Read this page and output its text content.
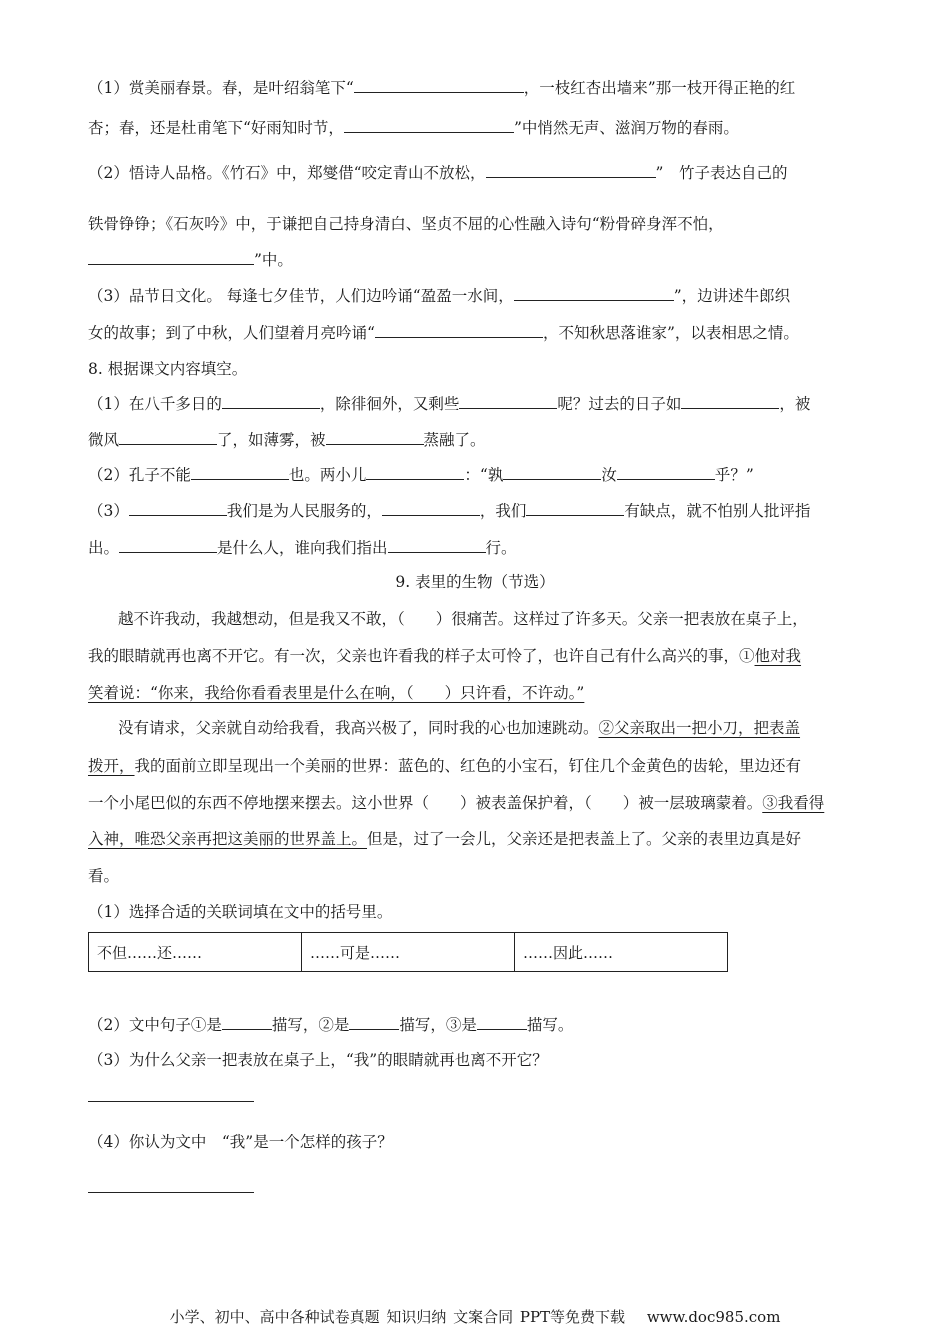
（1）赏美丽春景。春，是叶绍翁笔下“	，一枝红杏出墙来”那一枝开得正艳的红
杏；春，还是杜甫笔下“好雨知时节，	”中悄然无声、滋润万物的春雨。
（2）悟诗人品格。《竹石》中，郑燮借“咬定青山不放松，	”　竹子表达自己的
铁骨铮铮；《石灰吟》中，于谦把自己持身清白、坚贞不屈的心性融入诗句“粉骨碎身浑不怕，
”中。
（3）品节日文化。 每逢七夕佳节，人们边吟诵“盈盈一水间，	”，边讲述牛郎织
女的故事；到了中秋，人们望着月亮吟诵“	，不知秋思落谁家”，以表相思之情。
8. 根据课文内容填空。
（1）在八千多日的	，除徘徊外，又剩些	呢？过去的日子如	，被
微风	了，如薄雾，被	蒸融了。
（2）孔子不能	也。两小儿	：“孰	汝	乎？”
（3）	我们是为人民服务的，	，我们	有缺点，就不怕别人批评指
出。	是什么人，谁向我们指出	行。
9. 表里的生物（节选）
越不许我动，我越想动，但是我又不敢，（　　）很痛苦。这样过了许多天。父亲一把表放在桌子上，
我的眼睛就再也离不开它。有一次，父亲也许看我的样子太可怜了，也许自己有什么高兴的事，①他对我
笑着说：“你来，我给你看看表里是什么在响，（　　）只许看，不许动。”
没有请求，父亲就自动给我看，我高兴极了，同时我的心也加速跳动。②父亲取出一把小刀，把表盖
拨开，我的面前立即呈现出一个美丽的世界：蓝色的、红色的小宝石，钉住几个金黄色的齿轮，里边还有
一个小尾巴似的东西不停地摆来摆去。这小世界（　　）被表盖保护着，（　　）被一层玻璃蒙着。③我看得
入神，唯恐父亲再把这美丽的世界盖上。但是，过了一会儿，父亲还是把表盖上了。父亲的表里边真是好
看。
（1）选择合适的关联词填在文中的括号里。
不但……还……	……可是……	……因此……
（2）文中句子①是	描写，②是	描写，③是	描写。
（3）为什么父亲一把表放在桌子上，“我”的眼睛就再也离不开它？
（4）你认为文中　“我”是一个怎样的孩子？
小学、初中、高中各种试卷真题 知识归纳 文案合同 PPT等免费下载　 www.doc985.com
